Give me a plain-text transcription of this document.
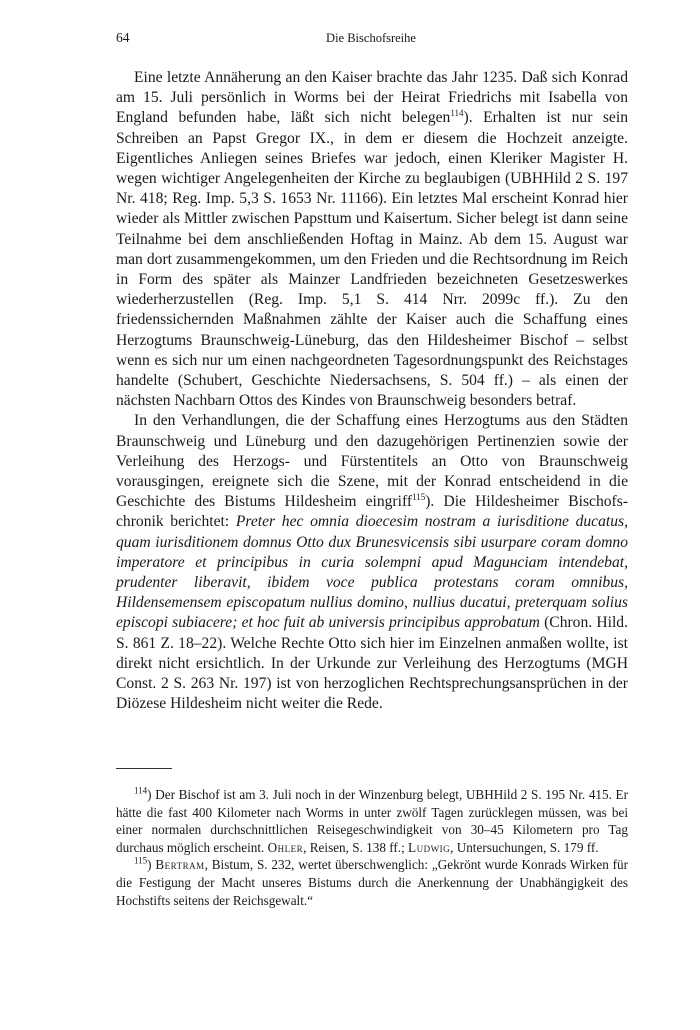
64	Die Bischofsreihe

Eine letzte Annäherung an den Kaiser brachte das Jahr 1235. Daß sich Konrad am 15. Juli persönlich in Worms bei der Heirat Friedrichs mit Isabella von England befunden habe, läßt sich nicht belegen$^{114}$). Erhalten ist nur sein Schreiben an Papst Gregor IX., in dem er diesem die Hochzeit anzeigte. Eigentliches Anliegen seines Briefes war jedoch, einen Kleriker Magister H. wegen wichtiger Angelegenheiten der Kirche zu beglaubigen (UBHHild 2 S. 197 Nr. 418; Reg. Imp. 5,3 S. 1653 Nr. 11166). Ein letztes Mal erscheint Konrad hier wieder als Mittler zwischen Papsttum und Kaisertum. Sicher belegt ist dann seine Teilnahme bei dem anschließenden Hoftag in Mainz. Ab dem 15. August war man dort zusammengekommen, um den Frieden und die Rechtsordnung im Reich in Form des später als Mainzer Landfrieden bezeichneten Gesetzeswerkes wiederherzustellen (Reg. Imp. 5,1 S. 414 Nrr. 2099c ff.). Zu den friedenssichernden Maßnahmen zählte der Kaiser auch die Schaffung eines Herzogtums Braunschweig-Lüneburg, das den Hildesheimer Bischof – selbst wenn es sich nur um einen nachgeordneten Tagesordnungspunkt des Reichstages handelte (Schubert, Geschichte Niedersachsens, S. 504 ff.) – als einen der nächsten Nachbarn Ottos des Kindes von Braunschweig besonders betraf.

In den Verhandlungen, die der Schaffung eines Herzogtums aus den Städten Braunschweig und Lüneburg und den dazugehörigen Pertinenzien sowie der Verleihung des Herzogs- und Fürstentitels an Otto von Braunschweig vorausgingen, ereignete sich die Szene, mit der Konrad entscheidend in die Geschichte des Bistums Hildesheim eingriff$^{115}$). Die Hildesheimer Bischofschronik berichtet: Preter hec omnia dioecesim nostram a iurisditione ducatus, quam iurisditionem domnus Otto dux Brunesvicensis sibi usurpare coram domno imperatore et principibus in curia solempni apud Maguнciam intendebat, prudenter liberavit, ibidem voce publica protestans coram omnibus, Hildensemensem episcopatum nullius domino, nullius ducatui, preterquam solius episcopi subiacere; et hoc fuit ab universis principibus approbatum (Chron. Hild. S. 861 Z. 18–22). Welche Rechte Otto sich hier im Einzelnen anmaßen wollte, ist direkt nicht ersichtlich. In der Urkunde zur Verleihung des Herzogtums (MGH Const. 2 S. 263 Nr. 197) ist von herzoglichen Rechtsprechungsansprüchen in der Diözese Hildesheim nicht weiter die Rede.

$^{114}$) Der Bischof ist am 3. Juli noch in der Winzenburg belegt, UBHHild 2 S. 195 Nr. 415. Er hätte die fast 400 Kilometer nach Worms in unter zwölf Tagen zurücklegen müssen, was bei einer normalen durchschnittlichen Reisegeschwindigkeit von 30–45 Kilometern pro Tag durchaus möglich erscheint. Ohler, Reisen, S. 138 ff.; Ludwig, Untersuchungen, S. 179 ff.

$^{115}$) Bertram, Bistum, S. 232, wertet überschwenglich: „Gekrönt wurde Konrads Wirken für die Festigung der Macht unseres Bistums durch die Anerkennung der Unabhängigkeit des Hochstifts seitens der Reichsgewalt.“
